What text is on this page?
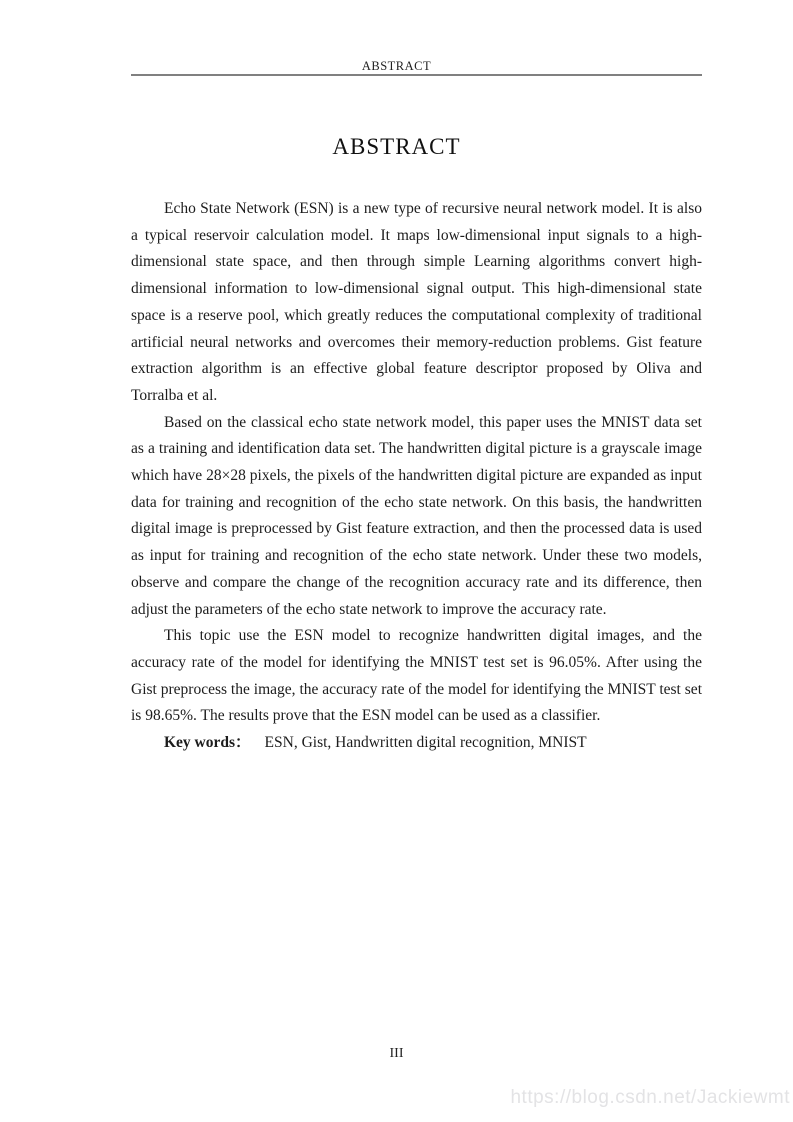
ABSTRACT
ABSTRACT

Echo State Network (ESN) is a new type of recursive neural network model. It is also a typical reservoir calculation model. It maps low-dimensional input signals to a high-dimensional state space, and then through simple Learning algorithms convert high-dimensional information to low-dimensional signal output. This high-dimensional state space is a reserve pool, which greatly reduces the computational complexity of traditional artificial neural networks and overcomes their memory-reduction problems. Gist feature extraction algorithm is an effective global feature descriptor proposed by Oliva and Torralba et al.

Based on the classical echo state network model, this paper uses the MNIST data set as a training and identification data set. The handwritten digital picture is a grayscale image which have 28×28 pixels, the pixels of the handwritten digital picture are expanded as input data for training and recognition of the echo state network. On this basis, the handwritten digital image is preprocessed by Gist feature extraction, and then the processed data is used as input for training and recognition of the echo state network. Under these two models, observe and compare the change of the recognition accuracy rate and its difference, then adjust the parameters of the echo state network to improve the accuracy rate.

This topic use the ESN model to recognize handwritten digital images, and the accuracy rate of the model for identifying the MNIST test set is 96.05%. After using the Gist preprocess the image, the accuracy rate of the model for identifying the MNIST test set is 98.65%. The results prove that the ESN model can be used as a classifier.

Key words： ESN, Gist, Handwritten digital recognition, MNIST

III
https://blog.csdn.net/Jackiewmt
